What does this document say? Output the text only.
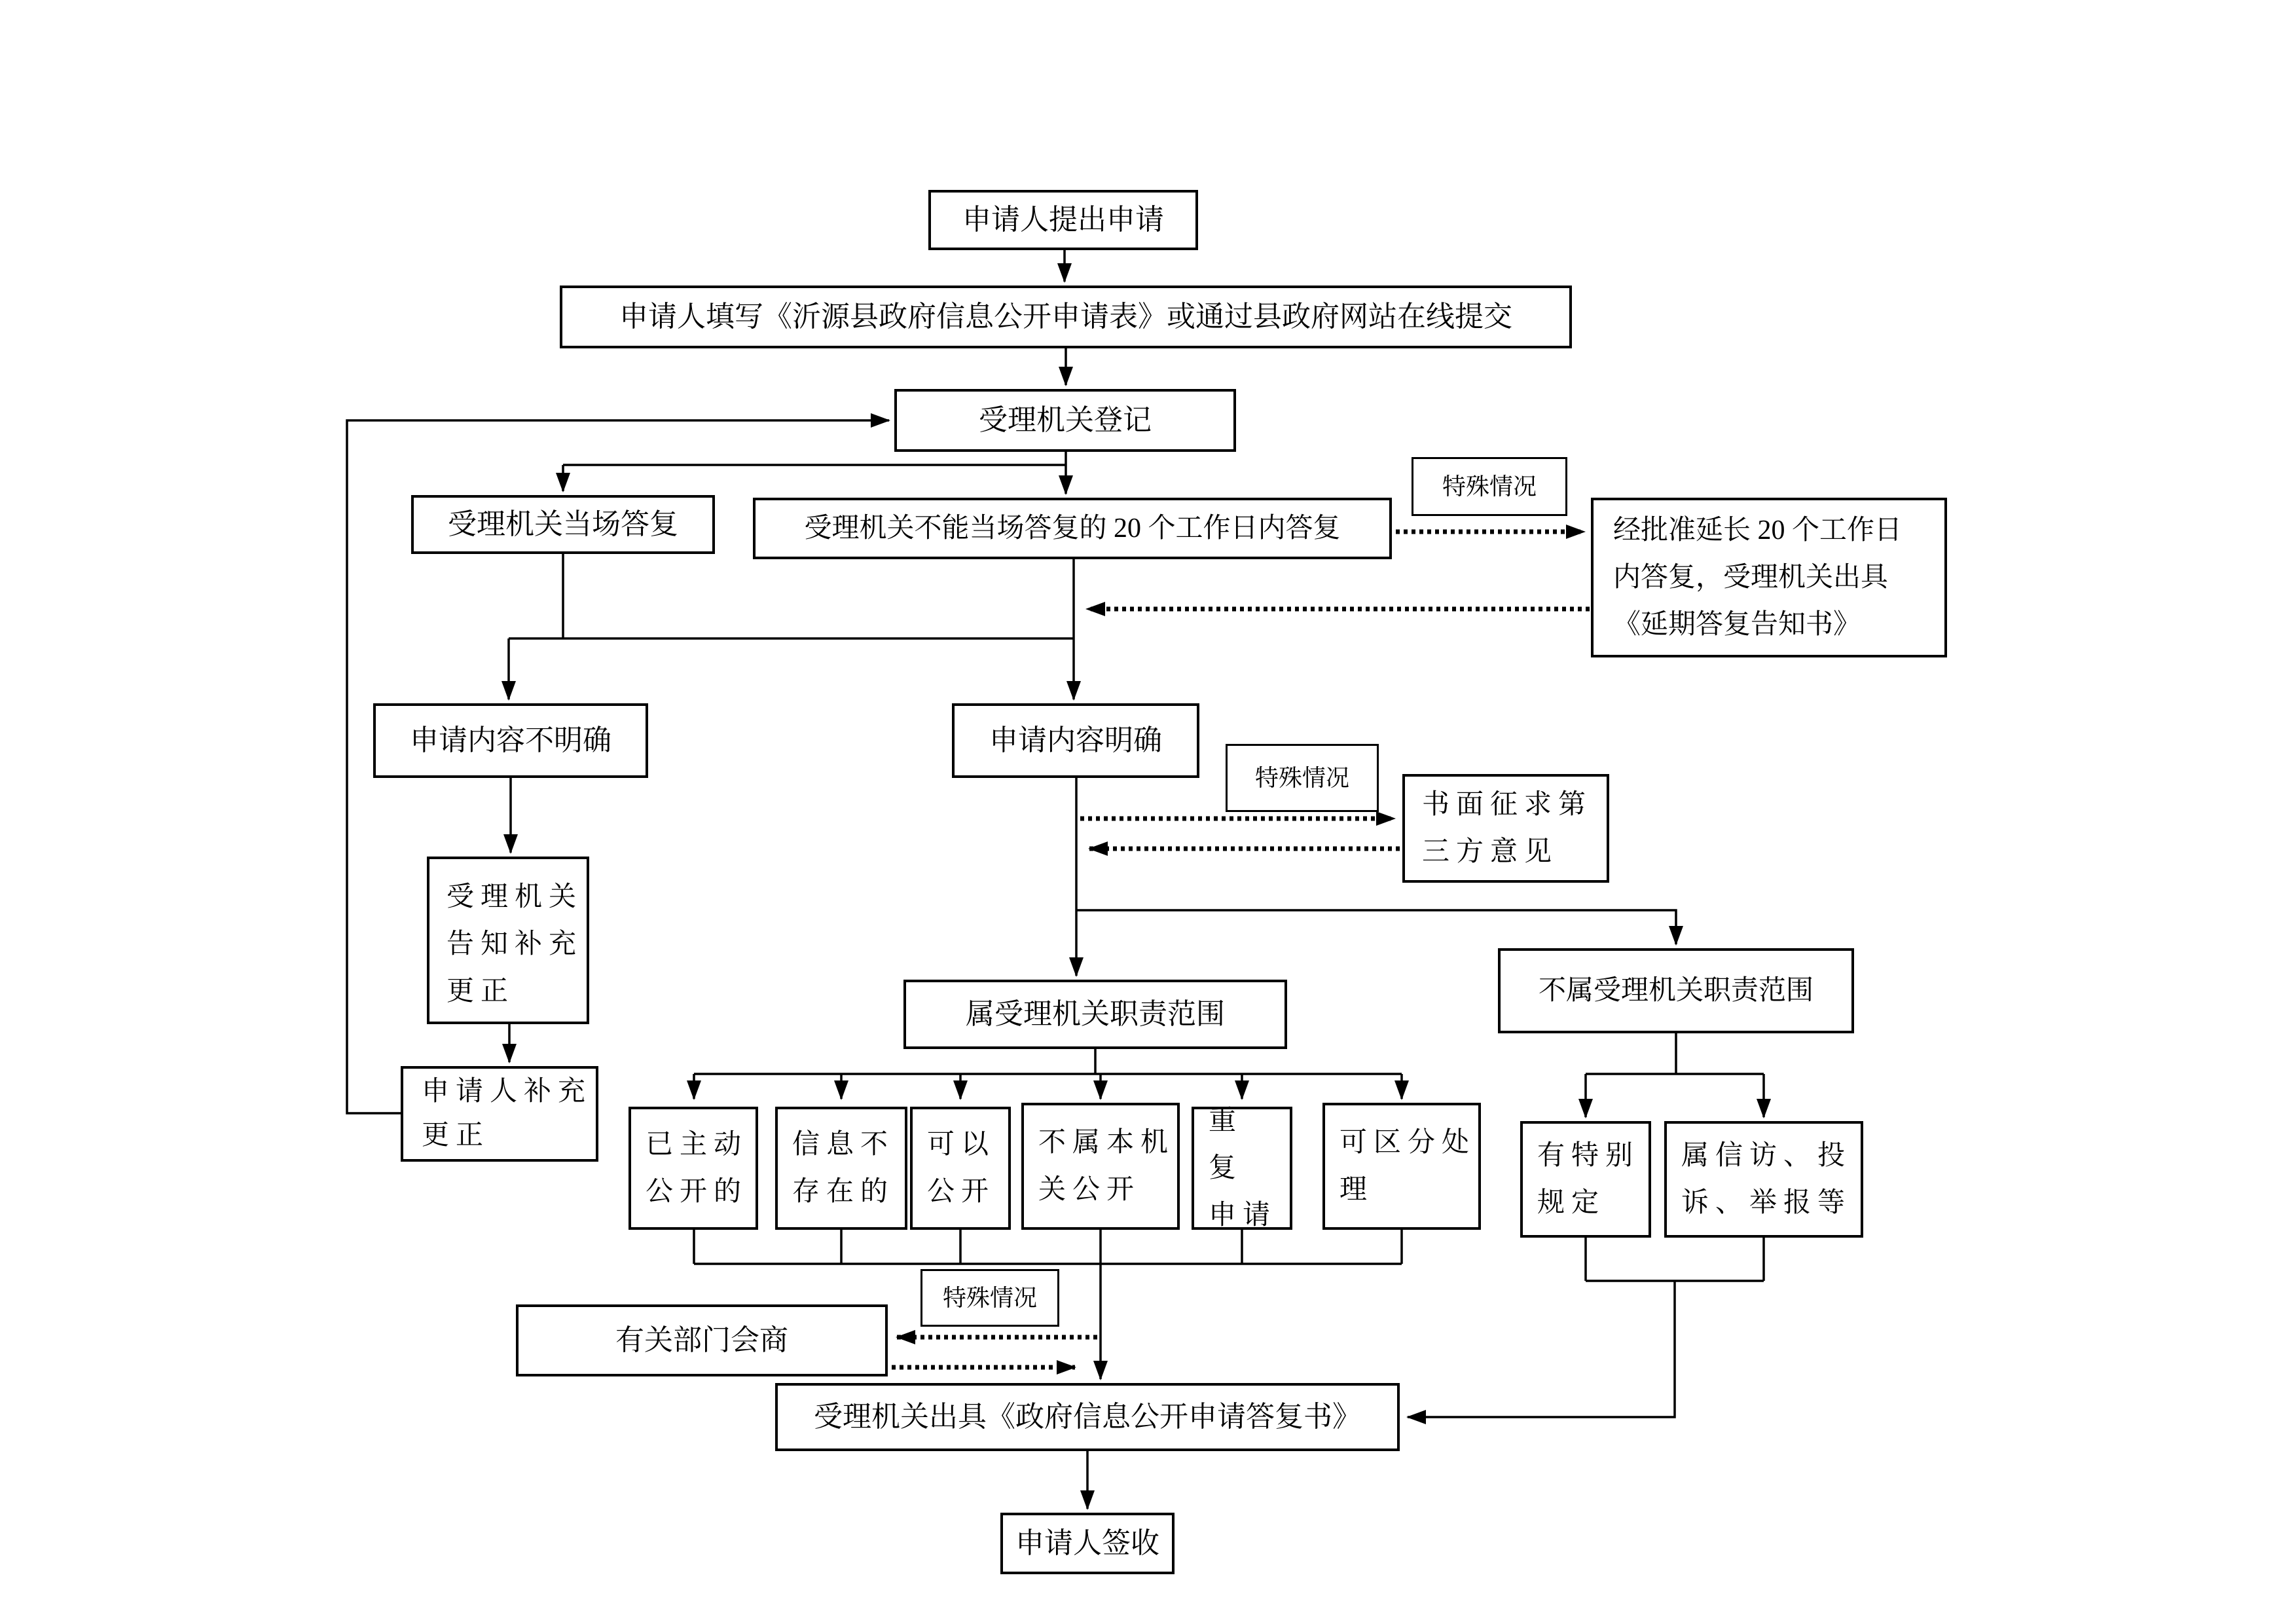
申请人提出申请
申请人填写《沂源县政府信息公开申请表》或通过县政府网站在线提交
受理机关登记
受理机关当场答复	受理机关不能当场答复的 20 个工作日内答复
特殊情况
经批准延长 20 个工作日
内答复，受理机关出具
《延期答复告知书》
申请内容不明确	申请内容明确
特殊情况
书面征求第
三方意见
受理机关
告知补充
更正
申请人补充
更正
属受理机关职责范围
不属受理机关职责范围
已主动
公开的
信息不
存在的
可以
公开
不属本机
关公开
重 复
申请
可区分处
理
有特别
规定
属信访、投
诉、举报等
特殊情况
有关部门会商
受理机关出具《政府信息公开申请答复书》
申请人签收
